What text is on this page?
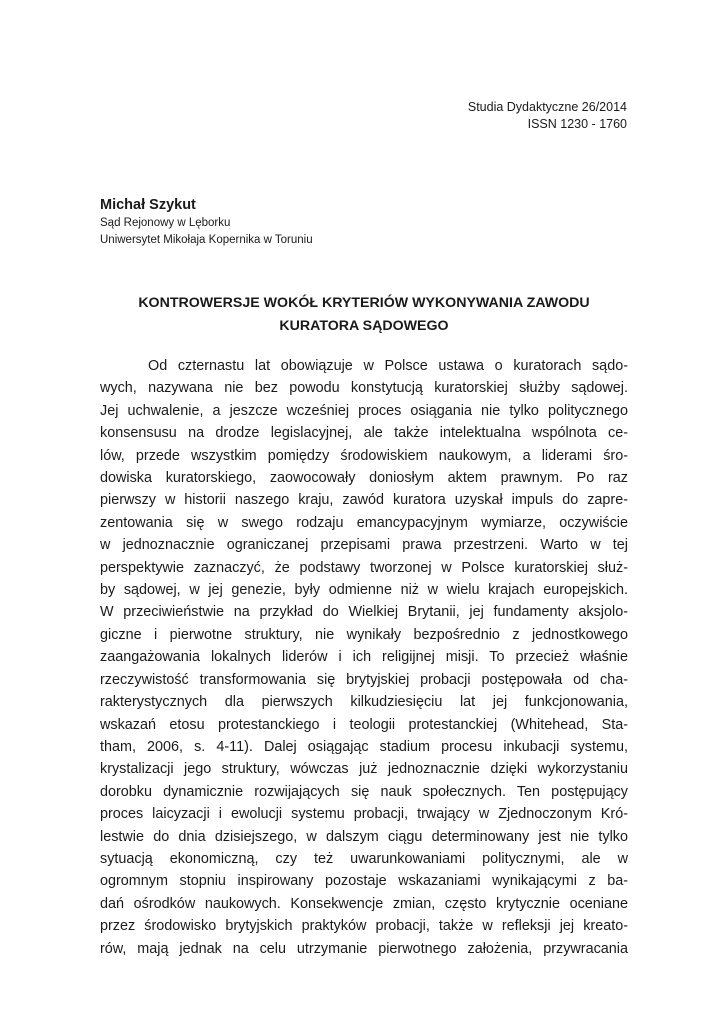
Studia Dydaktyczne 26/2014
ISSN 1230 - 1760
Michał Szykut
Sąd Rejonowy w Lęborku
Uniwersytet Mikołaja Kopernika w Toruniu
KONTROWERSJE WOKÓŁ KRYTERIÓW WYKONYWANIA ZAWODU
KURATORA SĄDOWEGO
Od czternastu lat obowiązuje w Polsce ustawa o kuratorach sądo-
wych, nazywana nie bez powodu konstytucją kuratorskiej służby sądowej.
Jej uchwalenie, a jeszcze wcześniej proces osiągania nie tylko politycznego
konsensusu na drodze legislacyjnej, ale także intelektualna wspólnota ce-
lów, przede wszystkim pomiędzy środowiskiem naukowym, a liderami śro-
dowiska kuratorskiego, zaowocowały doniosłym aktem prawnym. Po raz
pierwszy w historii naszego kraju, zawód kuratora uzyskał impuls do zapre-
zentowania się w swego rodzaju emancypacyjnym wymiarze, oczywiście
w jednoznacznie ograniczanej przepisami prawa przestrzeni. Warto w tej
perspektywie zaznaczyć, że podstawy tworzonej w Polsce kuratorskiej służ-
by sądowej, w jej genezie, były odmienne niż w wielu krajach europejskich.
W przeciwieństwie na przykład do Wielkiej Brytanii, jej fundamenty aksjolo-
giczne i pierwotne struktury, nie wynikały bezpośrednio z jednostkowego
zaangażowania lokalnych liderów i ich religijnej misji. To przecież właśnie
rzeczywistość transformowania się brytyjskiej probacji postępowała od cha-
rakterystycznych dla pierwszych kilkudziesięciu lat jej funkcjonowania,
wskazań etosu protestanckiego i teologii protestanckiej (Whitehead, Sta-
tham, 2006, s. 4-11). Dalej osiągając stadium procesu inkubacji systemu,
krystalizacji jego struktury, wówczas już jednoznacznie dzięki wykorzystaniu
dorobku dynamicznie rozwijających się nauk społecznych. Ten postępujący
proces laicyzacji i ewolucji systemu probacji, trwający w Zjednoczonym Kró-
lestwie do dnia dzisiejszego, w dalszym ciągu determinowany jest nie tylko
sytuacją ekonomiczną, czy też uwarunkowaniami politycznymi, ale w
ogromnym stopniu inspirowany pozostaje wskazaniami wynikającymi z ba-
dań ośrodków naukowych. Konsekwencje zmian, często krytycznie oceniane
przez środowisko brytyjskich praktyków probacji, także w refleksji jej kreato-
rów, mają jednak na celu utrzymanie pierwotnego założenia, przywracania
